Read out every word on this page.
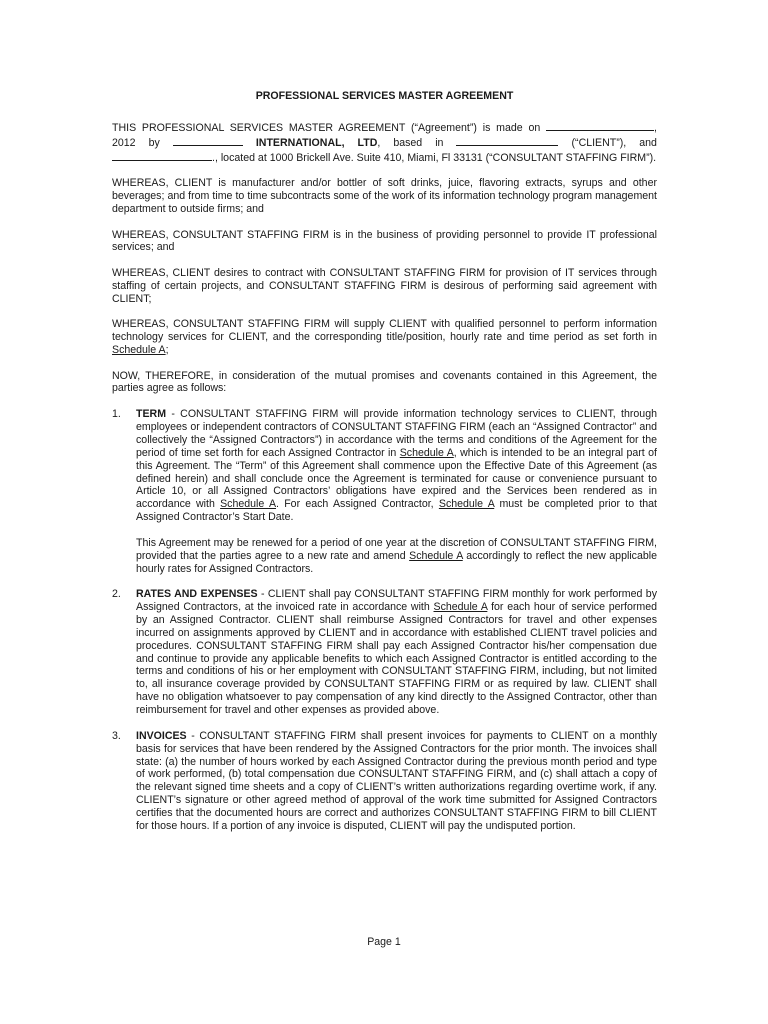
PROFESSIONAL SERVICES MASTER AGREEMENT

THIS PROFESSIONAL SERVICES MASTER AGREEMENT (“Agreement”) is made on	, 2012 by	INTERNATIONAL, LTD, based in	(“CLIENT”), and ., located at 1000 Brickell Ave. Suite 410, Miami, Fl 33131 (“CONSULTANT STAFFING FIRM”).

WHEREAS, CLIENT is manufacturer and/or bottler of soft drinks, juice, flavoring extracts, syrups and other beverages; and from time to time subcontracts some of the work of its information technology program management department to outside firms; and

WHEREAS, CONSULTANT STAFFING FIRM is in the business of providing personnel to provide IT professional services; and

WHEREAS, CLIENT desires to contract with CONSULTANT STAFFING FIRM for provision of IT services through staffing of certain projects, and CONSULTANT STAFFING FIRM is desirous of performing said agreement with CLIENT;

WHEREAS, CONSULTANT STAFFING FIRM will supply CLIENT with qualified personnel to perform information technology services for CLIENT, and the corresponding title/position, hourly rate and time period as set forth in Schedule A;

NOW, THEREFORE, in consideration of the mutual promises and covenants contained in this Agreement, the parties agree as follows:

1.	TERM - CONSULTANT STAFFING FIRM will provide information technology services to CLIENT, through employees or independent contractors of CONSULTANT STAFFING FIRM (each an “Assigned Contractor” and collectively the “Assigned Contractors”) in accordance with the terms and conditions of the Agreement for the period of time set forth for each Assigned Contractor in Schedule A, which is intended to be an integral part of this Agreement. The “Term” of this Agreement shall commence upon the Effective Date of this Agreement (as defined herein) and shall conclude once the Agreement is terminated for cause or convenience pursuant to Article 10, or all Assigned Contractors’ obligations have expired and the Services been rendered as in accordance with Schedule A. For each Assigned Contractor, Schedule A must be completed prior to that Assigned Contractor’s Start Date.

This Agreement may be renewed for a period of one year at the discretion of CONSULTANT STAFFING FIRM, provided that the parties agree to a new rate and amend Schedule A accordingly to reflect the new applicable hourly rates for Assigned Contractors.

2.	RATES AND EXPENSES - CLIENT shall pay CONSULTANT STAFFING FIRM monthly for work performed by Assigned Contractors, at the invoiced rate in accordance with Schedule A for each hour of service performed by an Assigned Contractor. CLIENT shall reimburse Assigned Contractors for travel and other expenses incurred on assignments approved by CLIENT and in accordance with established CLIENT travel policies and procedures. CONSULTANT STAFFING FIRM shall pay each Assigned Contractor his/her compensation due and continue to provide any applicable benefits to which each Assigned Contractor is entitled according to the terms and conditions of his or her employment with CONSULTANT STAFFING FIRM, including, but not limited to, all insurance coverage provided by CONSULTANT STAFFING FIRM or as required by law. CLIENT shall have no obligation whatsoever to pay compensation of any kind directly to the Assigned Contractor, other than reimbursement for travel and other expenses as provided above.

3.	INVOICES - CONSULTANT STAFFING FIRM shall present invoices for payments to CLIENT on a monthly basis for services that have been rendered by the Assigned Contractors for the prior month. The invoices shall state: (a) the number of hours worked by each Assigned Contractor during the previous month period and type of work performed, (b) total compensation due CONSULTANT STAFFING FIRM, and (c) shall attach a copy of the relevant signed time sheets and a copy of CLIENT’s written authorizations regarding overtime work, if any. CLIENT’s signature or other agreed method of approval of the work time submitted for Assigned Contractors certifies that the documented hours are correct and authorizes CONSULTANT STAFFING FIRM to bill CLIENT for those hours. If a portion of any invoice is disputed, CLIENT will pay the undisputed portion.

Page 1
